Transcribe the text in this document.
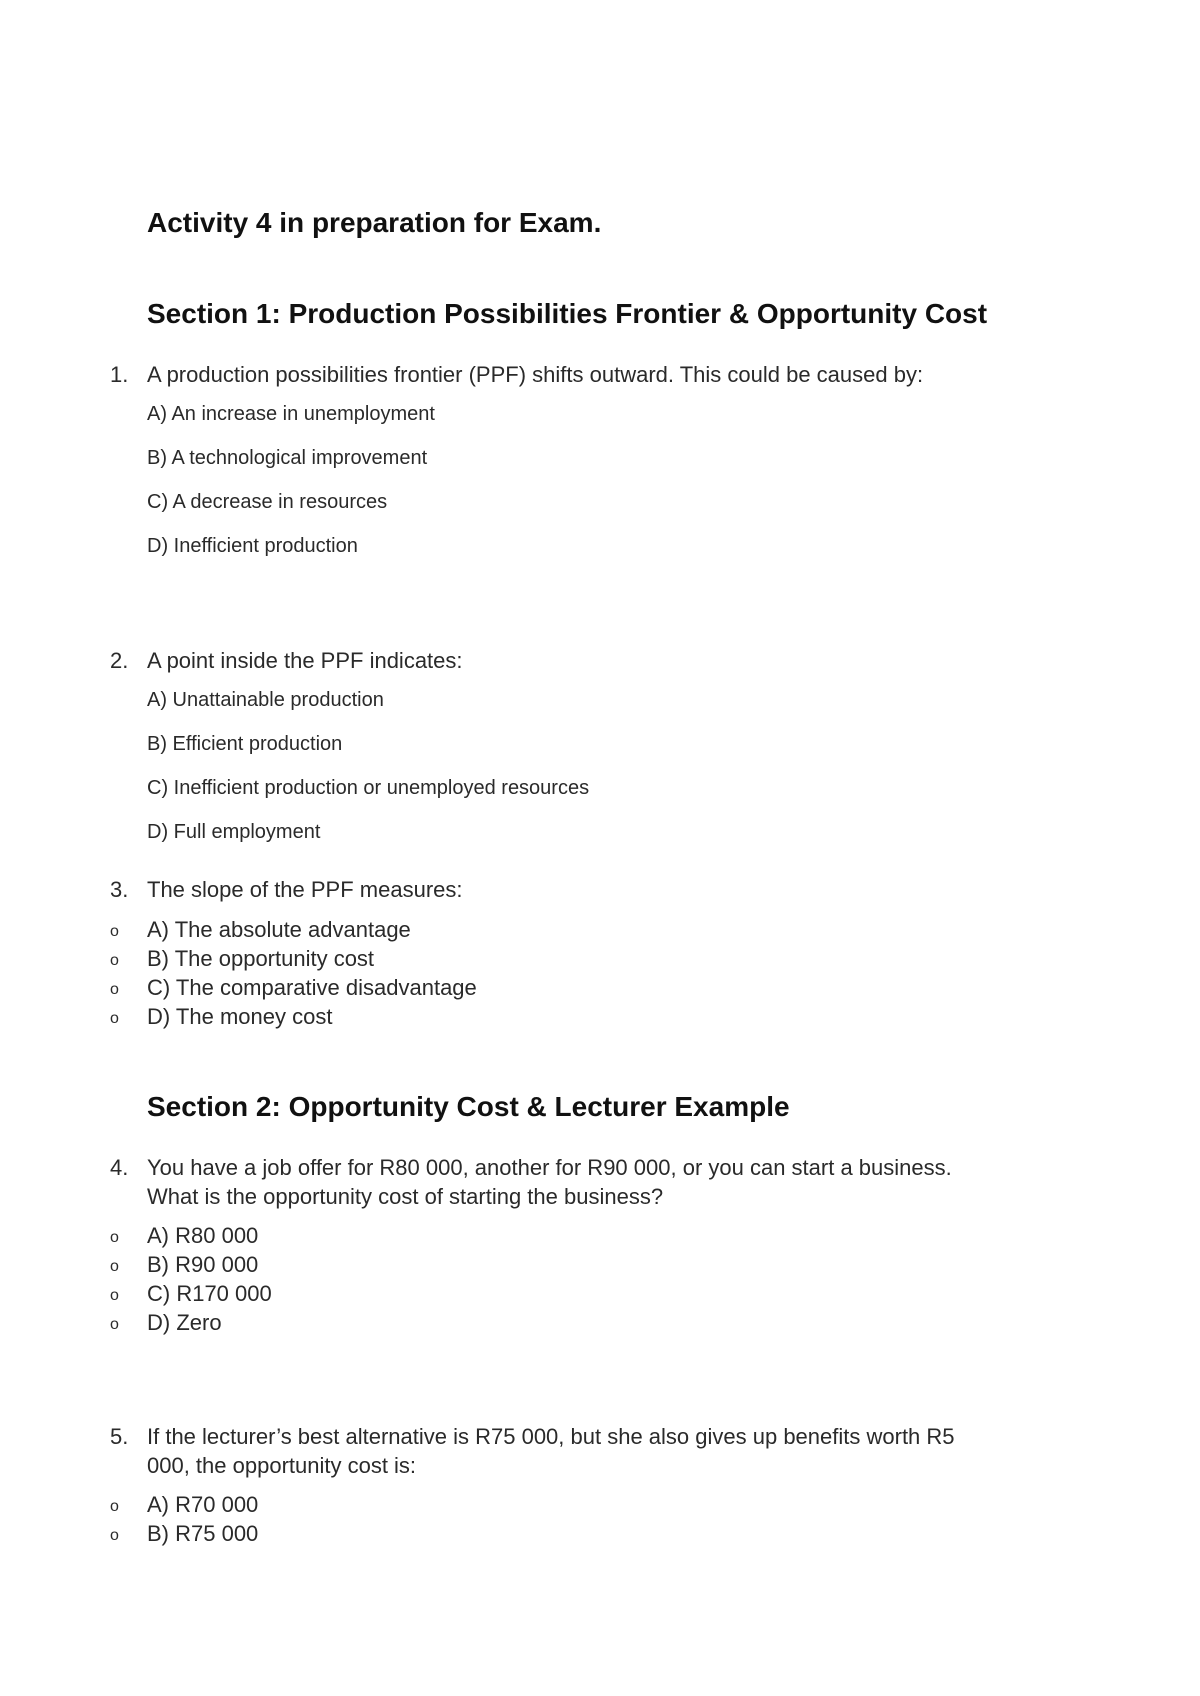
Activity 4 in preparation for Exam.
Section 1: Production Possibilities Frontier & Opportunity Cost
1. A production possibilities frontier (PPF) shifts outward. This could be caused by:
A) An increase in unemployment
B) A technological improvement
C) A decrease in resources
D) Inefficient production
2. A point inside the PPF indicates:
A) Unattainable production
B) Efficient production
C) Inefficient production or unemployed resources
D) Full employment
3. The slope of the PPF measures:
o A) The absolute advantage
o B) The opportunity cost
o C) The comparative disadvantage
o D) The money cost
Section 2: Opportunity Cost & Lecturer Example
4. You have a job offer for R80 000, another for R90 000, or you can start a business.
What is the opportunity cost of starting the business?
o A) R80 000
o B) R90 000
o C) R170 000
o D) Zero
5. If the lecturer’s best alternative is R75 000, but she also gives up benefits worth R5
000, the opportunity cost is:
o A) R70 000
o B) R75 000
